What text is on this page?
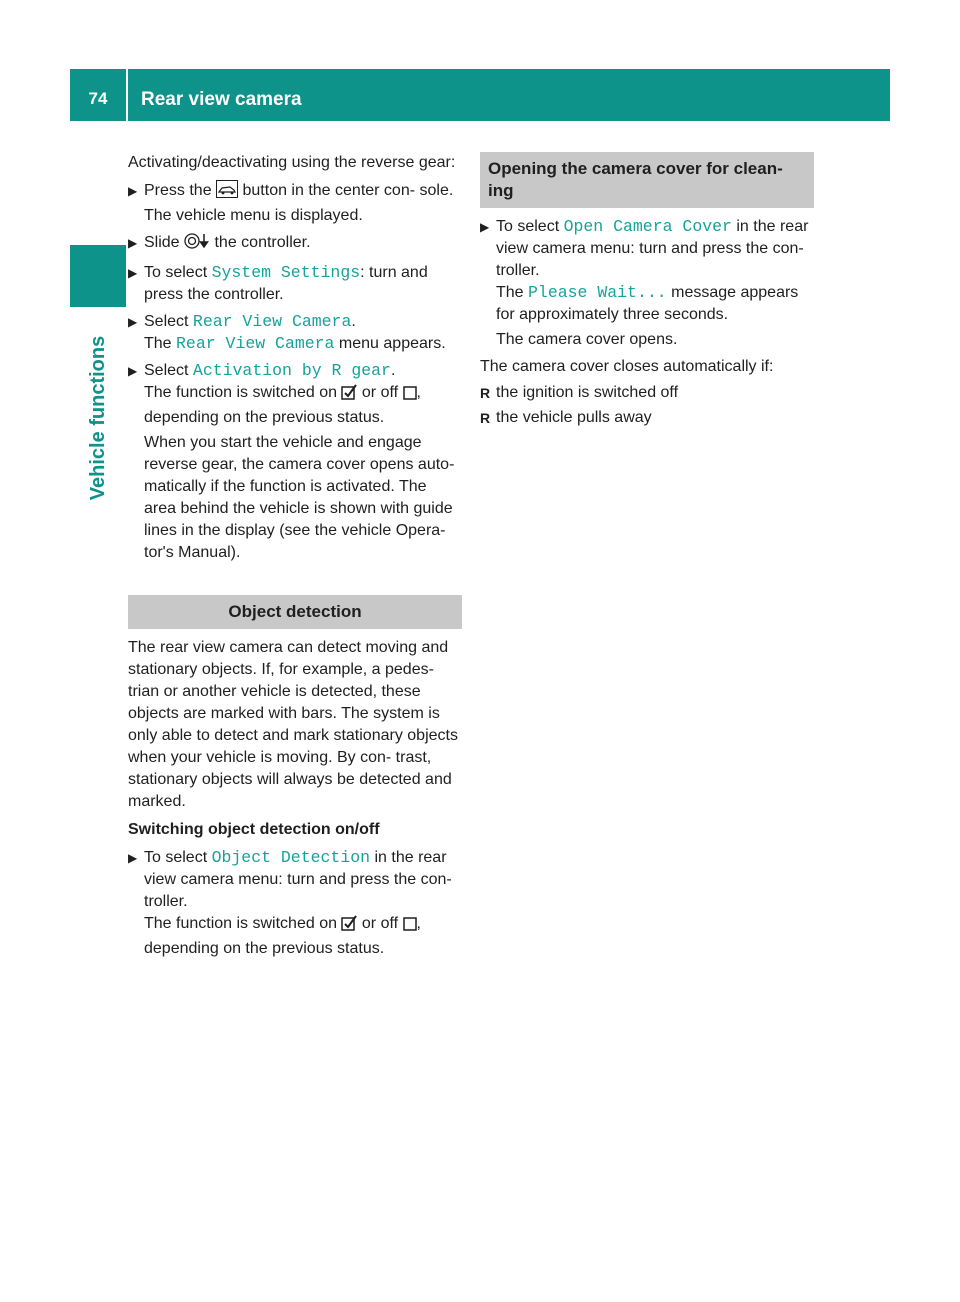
74	Rear view camera
Vehicle functions

Activating/deactivating using the reverse gear:

▶ Press the button in the center con- sole.
The vehicle menu is displayed.
▶ Slide the controller.
▶ To select System Settings: turn and press the controller.
▶ Select Rear View Camera.
The Rear View Camera menu appears.
▶ Select Activation by R gear.
The function is switched on or off ,
depending on the previous status.

When you start the vehicle and engage reverse gear, the camera cover opens auto- matically if the function is activated. The area behind the vehicle is shown with guide lines in the display (see the vehicle Opera- tor's Manual).

Object detection

The rear view camera can detect moving and stationary objects. If, for example, a pedes- trian or another vehicle is detected, these objects are marked with bars. The system is only able to detect and mark stationary objects when your vehicle is moving. By con- trast, stationary objects will always be detected and marked.

Switching object detection on/off

▶ To select Object Detection in the rear view camera menu: turn and press the con- troller.
The function is switched on or off ,
depending on the previous status.
Opening the camera cover for clean- ing
▶ To select Open Camera Cover in the rear view camera menu: turn and press the con- troller.
The Please Wait... message appears for approximately three seconds.

The camera cover opens.

The camera cover closes automatically if:

R the ignition is switched off
R the vehicle pulls away
